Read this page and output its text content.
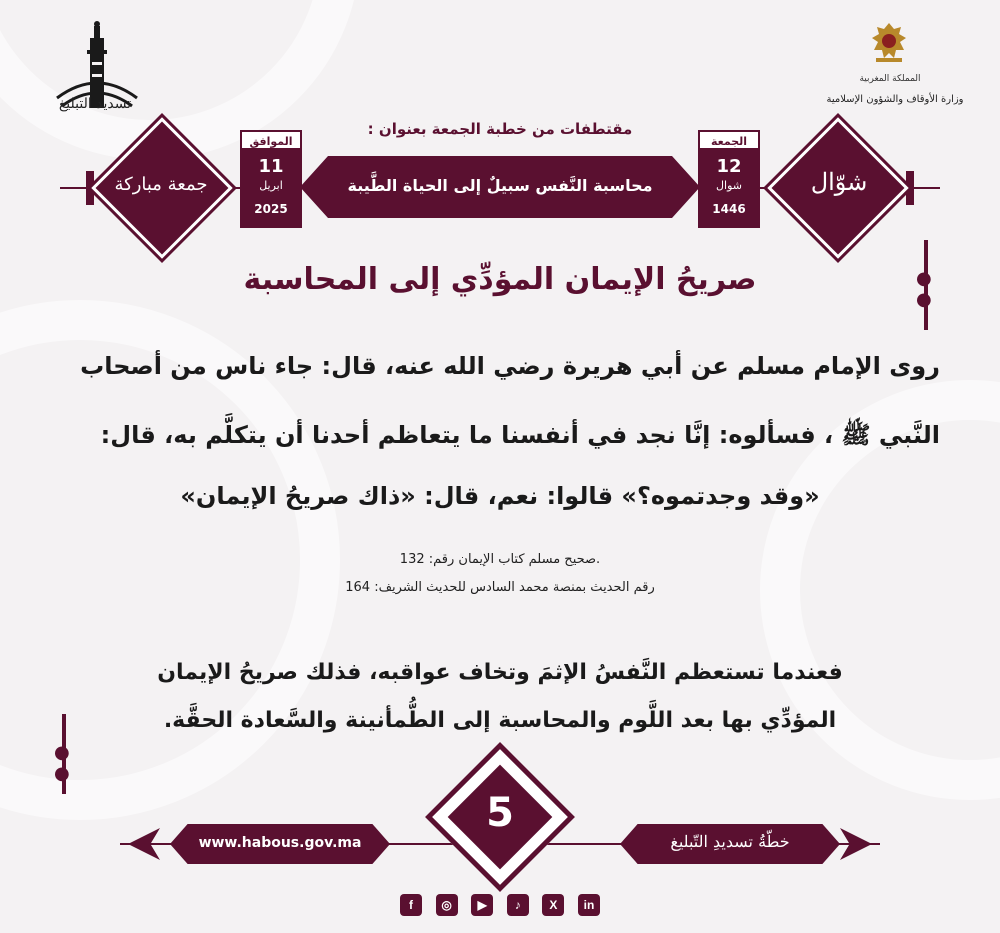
تسديد التبليغ
المملكة المغربية
وزارة الأوقاف والشؤون الإسلامية
مقتطفات من خطبة الجمعة بعنوان :
جمعة مباركة	شوّال
الموافق
11
ابريل
2025
محاسبة النَّفس سبيلٌ إلى الحياة الطَّيبة
الجمعة
12
شوال
1446
●
●
صريحُ الإيمان المؤدِّي إلى المحاسبة
روى الإمام مسلم عن أبي هريرة رضي الله عنه، قال: جاء ناس من أصحاب
النَّبي ﷺ ، فسألوه: إنَّا نجد في أنفسنا ما يتعاظم أحدنا أن يتكلَّم به، قال:
«وقد وجدتموه؟» قالوا: نعم، قال: «ذاك صريحُ الإيمان»
.صحيح مسلم كتاب الإيمان رقم: 132
رقم الحديث بمنصة محمد السادس للحديث الشريف: 164
فعندما تستعظم النَّفسُ الإثمَ وتخاف عواقبه، فذلك صريحُ الإيمان
المؤدِّي بها بعد اللَّوم والمحاسبة إلى الطُّمأنينة والسَّعادة الحقَّة.
●
●
www.habous.gov.ma	خطّةُ تسديدِ التّبليغ
5
f	◎	▶	♪	X	in
